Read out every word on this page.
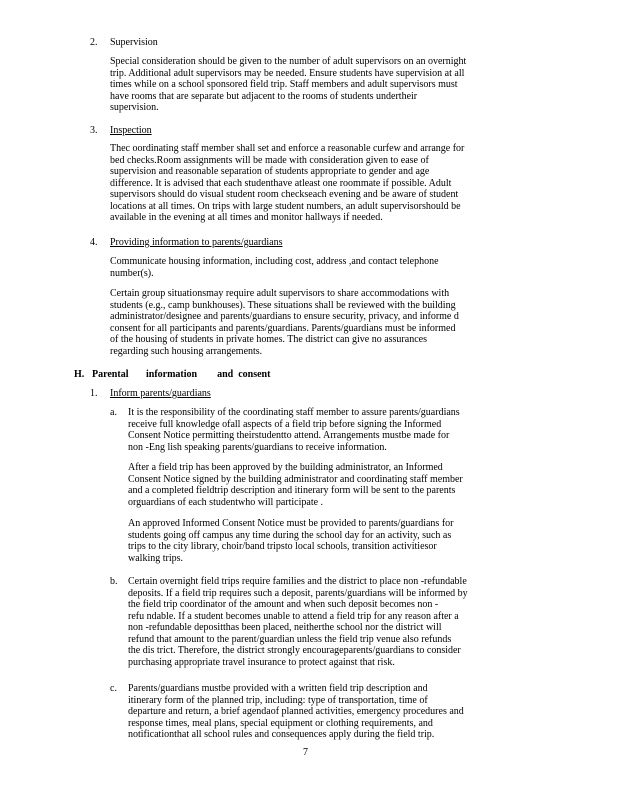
2. Supervision
Special consideration should be given to the number of adult supervisors on an overnight
trip. Additional adult supervisors may be needed. Ensure students have supervision at all
times while on a school sponsored field trip. Staff members and adult supervisors must
have rooms that are separate but adjacent to the rooms of students undertheir
supervision.
3. Inspection
Thec oordinating staff member shall set and enforce a reasonable curfew and arrange for
bed checks.Room assignments will be made with consideration given to ease of
supervision and reasonable separation of students appropriate to gender and age
difference. It is advised that each studenthave atleast one roommate if possible. Adult
supervisors should do visual student room checkseach evening and be aware of student
locations at all times. On trips with large student numbers, an adult supervisorshould be
available in the evening at all times and monitor hallways if needed.
4. Providing information to parents/guardians
Communicate housing information, including cost, address ,and contact telephone
number(s).
Certain group situationsmay require adult supervisors to share accommodations with
students (e.g., camp bunkhouses). These situations shall be reviewed with the building
administrator/designee and parents/guardians to ensure security, privacy, and informe d
consent for all participants and parents/guardians. Parents/guardians must be informed
of the housing of students in private homes. The district can give no assurances
regarding such housing arrangements.
H. Parental       information        and  consent
1. Inform parents/guardians
a. It is the responsibility of the coordinating staff member to assure parents/guardians
receive full knowledge ofall aspects of a field trip before signing the Informed
Consent Notice permitting theirstudentto attend. Arrangements mustbe made for
non -Eng lish speaking parents/guardians to receive information.
After a field trip has been approved by the building administrator, an Informed
Consent Notice signed by the building administrator and coordinating staff member
and a completed fieldtrip description and itinerary form will be sent to the parents
orguardians of each studentwho will participate .
An approved Informed Consent Notice must be provided to parents/guardians for
students going off campus any time during the school day for an activity, such as
trips to the city library, choir/band tripsto local schools, transition activitiesor
walking trips.
b. Certain overnight field trips require families and the district to place non -refundable
deposits. If a field trip requires such a deposit, parents/guardians will be informed by
the field trip coordinator of the amount and when such deposit becomes non -
refu ndable. If a student becomes unable to attend a field trip for any reason after a
non -refundable depositthas been placed, neitherthe school nor the district will
refund that amount to the parent/guardian unless the field trip venue also refunds
the dis trict. Therefore, the district strongly encourageparents/guardians to consider
purchasing appropriate travel insurance to protect against that risk.
c. Parents/guardians mustbe provided with a written field trip description and
itinerary form of the planned trip, including: type of transportation, time of
departure and return, a brief agendaof planned activities, emergency procedures and
response times, meal plans, special equipment or clothing requirements, and
notificationthat all school rules and consequences apply during the field trip.
7
